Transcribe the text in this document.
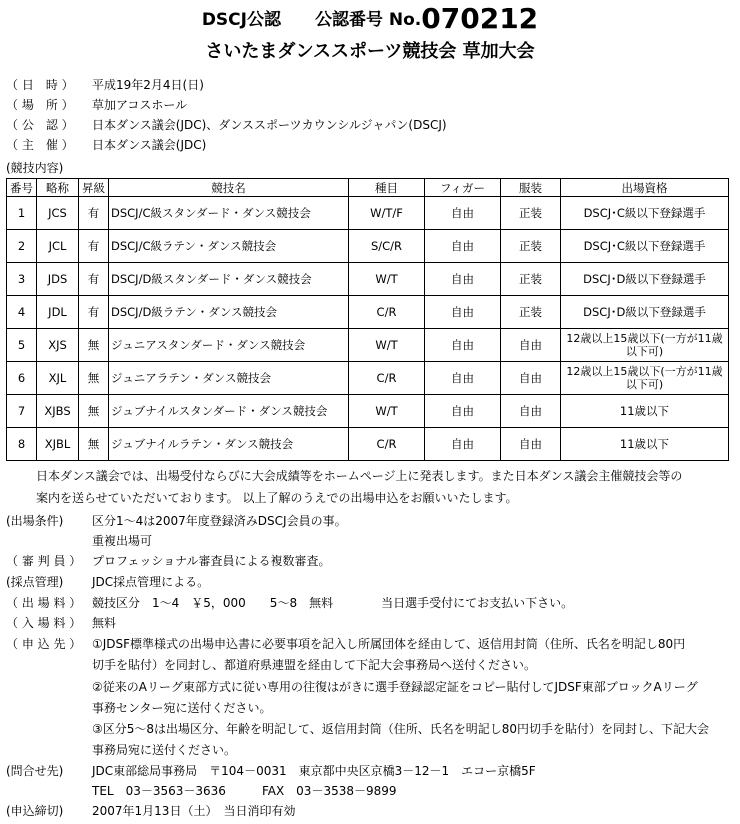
DSCJ公認 公認番号 No.070212
さいたまダンススポーツ競技会 草加大会
（ 日　時 ） 平成19年2月4日(日)
（ 場　所 ） 草加アコスホール
（ 公　認 ） 日本ダンス議会(JDC)、ダンススポーツカウンシルジャパン(DSCJ)
（ 主　催 ） 日本ダンス議会(JDC)
(競技内容)
番号	略称	昇級	競技名	種目	フィガー	服装	出場資格
1	JCS	有	DSCJ/C級スタンダード・ダンス競技会	W/T/F	自由	正装	DSCJ･C級以下登録選手
2	JCL	有	DSCJ/C級ラテン・ダンス競技会	S/C/R	自由	正装	DSCJ･C級以下登録選手
3	JDS	有	DSCJ/D級スタンダード・ダンス競技会	W/T	自由	正装	DSCJ･D級以下登録選手
4	JDL	有	DSCJ/D級ラテン・ダンス競技会	C/R	自由	正装	DSCJ･D級以下登録選手
5	XJS	無	ジュニアスタンダード・ダンス競技会	W/T	自由	自由	12歳以上15歳以下(一方が11歳以下可)
6	XJL	無	ジュニアラテン・ダンス競技会	C/R	自由	自由	12歳以上15歳以下(一方が11歳以下可)
7	XJBS	無	ジュブナイルスタンダード・ダンス競技会	W/T	自由	自由	11歳以下
8	XJBL	無	ジュブナイルラテン・ダンス競技会	C/R	自由	自由	11歳以下
日本ダンス議会では、出場受付ならびに大会成績等をホームページ上に発表します。また日本ダンス議会主催競技会等の
案内を送らせていただいております。 以上了解のうえでの出場申込をお願いいたします。
(出場条件) 区分1～4は2007年度登録済みDSCJ会員の事。
重複出場可
（ 審 判 員 ） プロフェッショナル審査員による複数審査。
(採点管理) JDC採点管理による。
（ 出 場 料 ） 競技区分　1～4　￥5，000　　5～8　無料　　　　当日選手受付にてお支払い下さい。
（ 入 場 料 ） 無料
（ 申 込 先 ） ①JDSF標準様式の出場申込書に必要事項を記入し所属団体を経由して、返信用封筒（住所、氏名を明記し80円
切手を貼付）を同封し、都道府県連盟を経由して下記大会事務局へ送付ください。
②従来のAリーグ東部方式に従い専用の往復はがきに選手登録認定証をコピー貼付してJDSF東部ブロックAリーグ
事務センター宛に送付ください。
③区分5～8は出場区分、年齢を明記して、返信用封筒（住所、氏名を明記し80円切手を貼付）を同封し、下記大会
事務局宛に送付ください。
(問合せ先) JDC東部総局事務局　〒104－0031　東京都中央区京橋3－12－1　エコー京橋5F
TEL　03－3563－3636　　　FAX　03－3538－9899
(申込締切) 2007年1月13日（土）　当日消印有効
